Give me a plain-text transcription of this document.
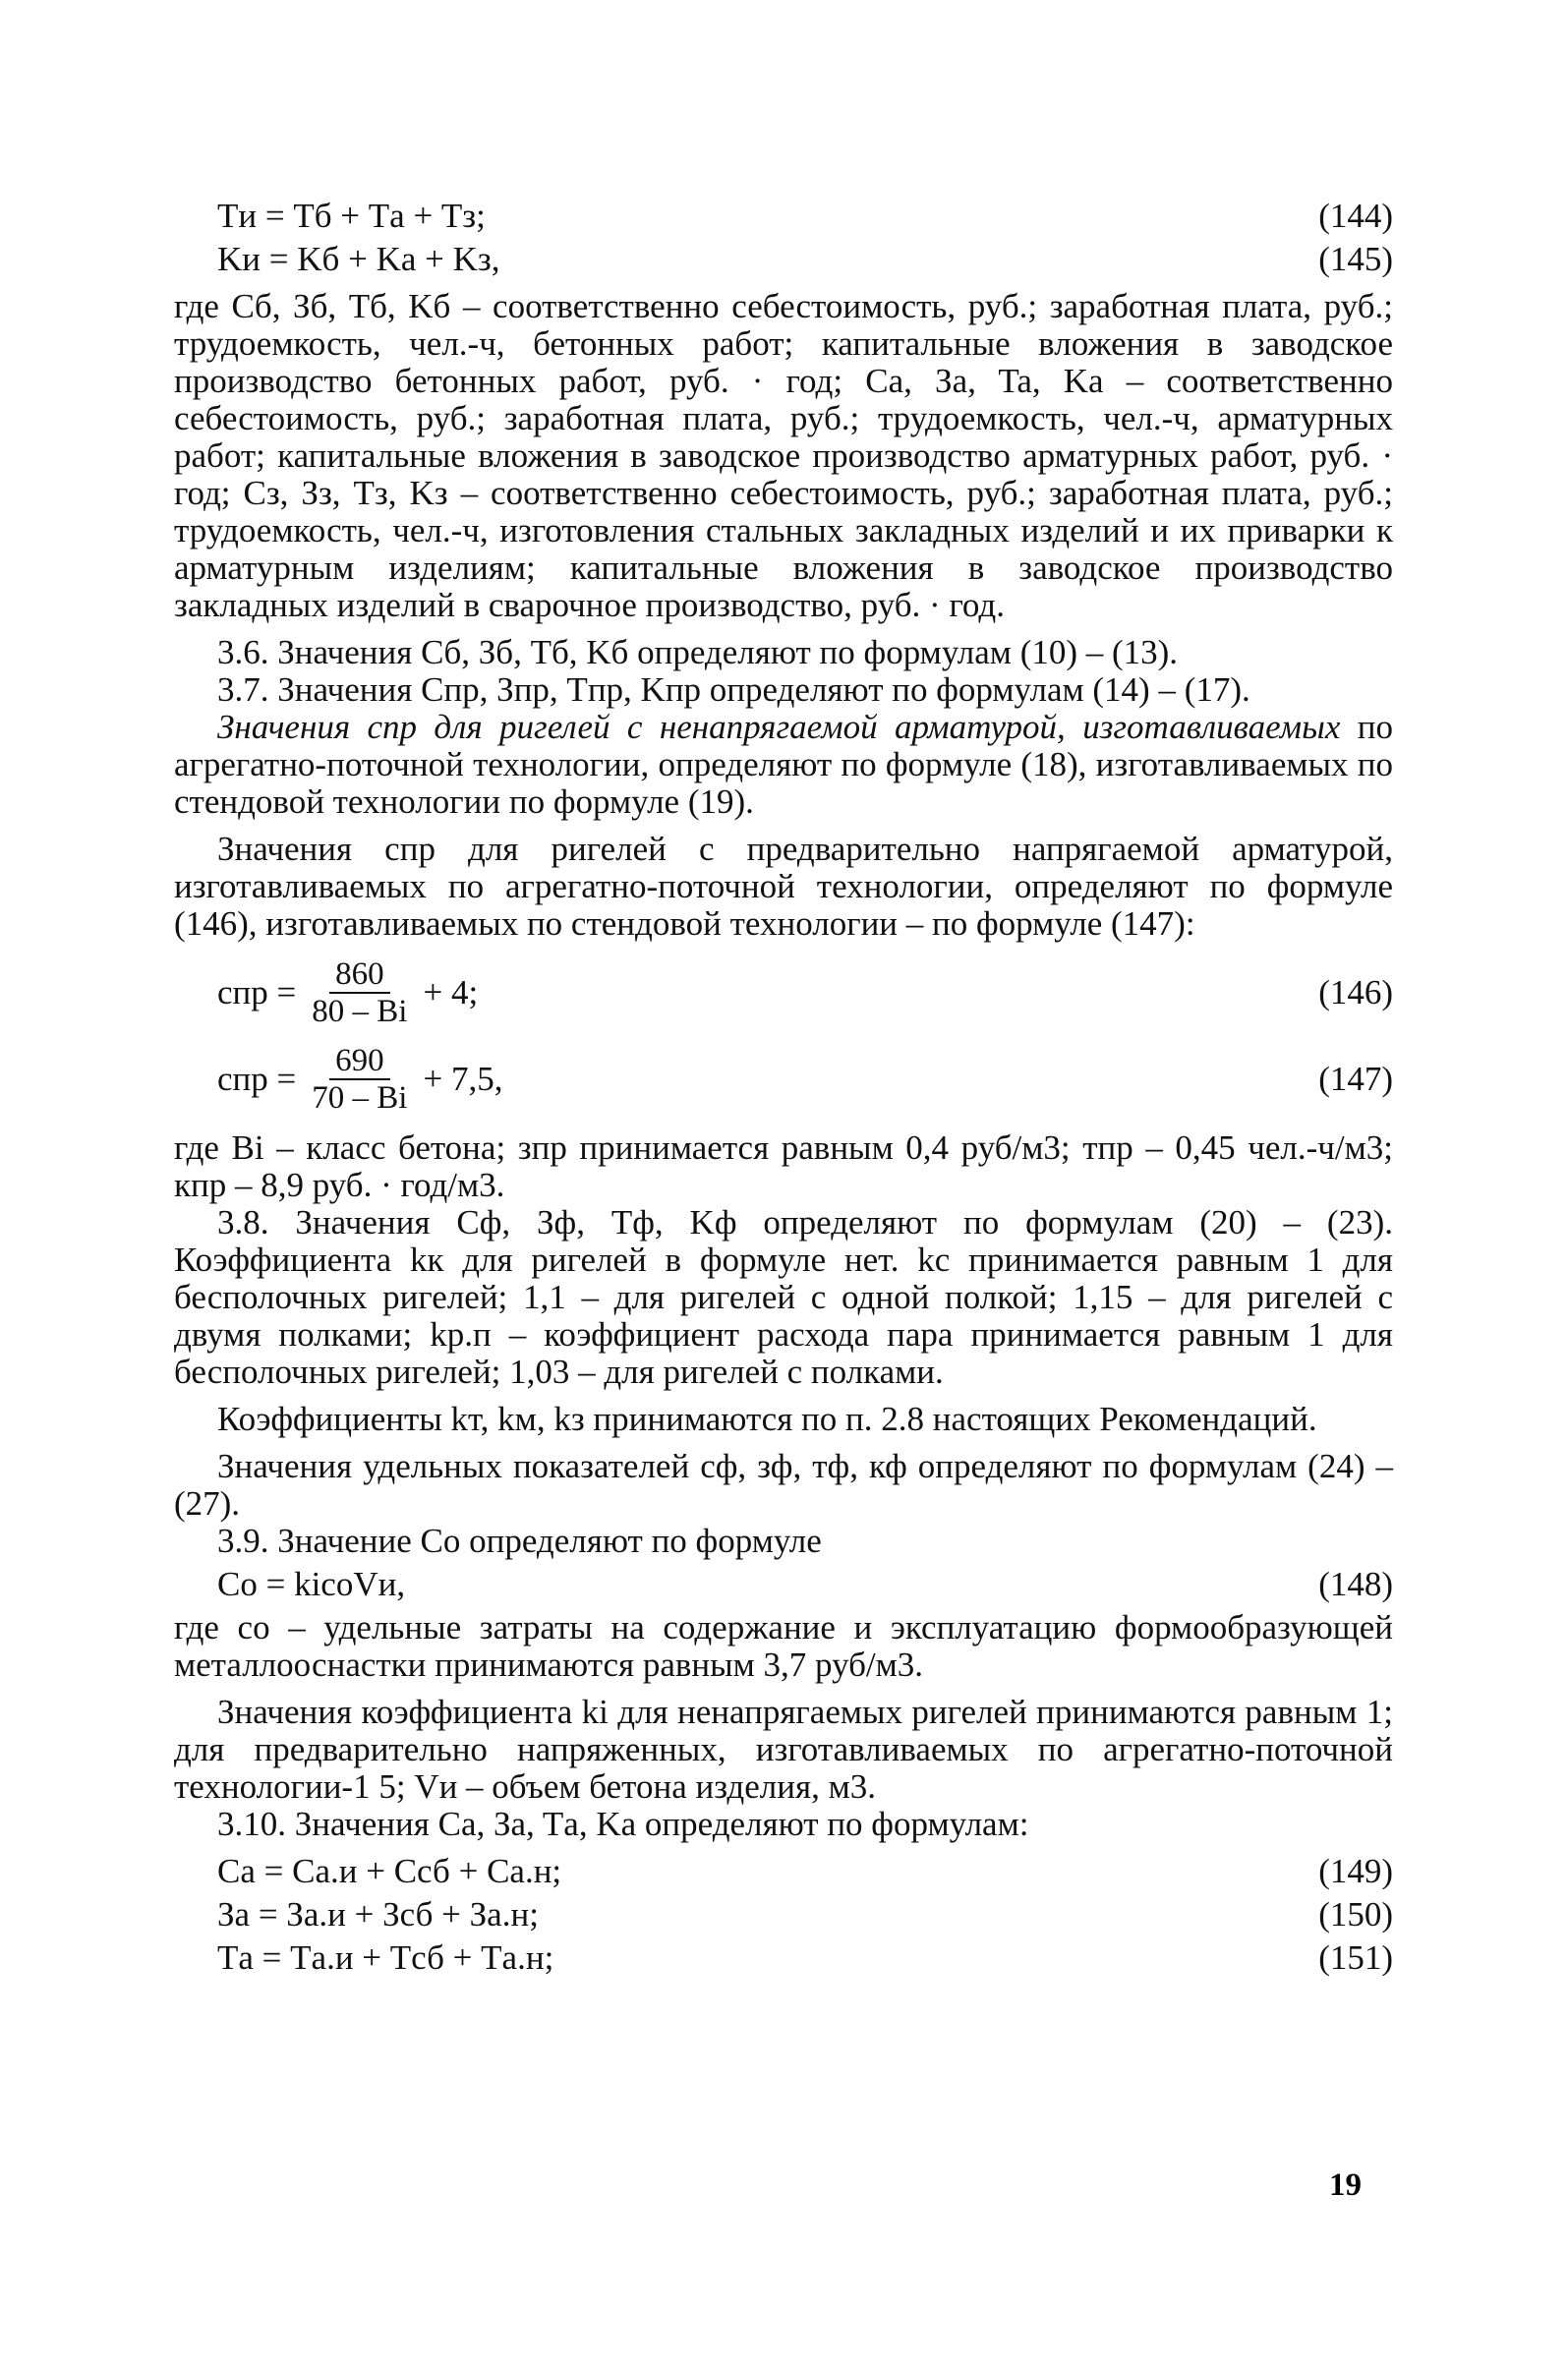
Tи = Tб + Tа + Tз;	(144)
Kи = Kб + Kа + Kз,	(145)

где Cб, Зб, Tб, Kб – соответственно себестоимость, руб.; заработная плата, руб.; трудоемкость, чел.-ч, бетонных работ; капитальные вложения в заводское производство бетонных работ, руб. · год; Cа, Зa, Ta, Kа – соответственно себестоимость, руб.; заработная плата, руб.; трудоемкость, чел.-ч, арматурных работ; капитальные вложения в заводское производство арматурных работ, руб. · год; Cз, Зз, Tз, Kз – соответственно себестоимость, руб.; заработная плата, руб.; трудоемкость, чел.-ч, изготовления стальных закладных изделий и их приварки к арматурным изделиям; капитальные вложения в заводское производство закладных изделий в сварочное производство, руб. · год.

3.6. Значения Cб, Зб, Tб, Kб определяют по формулам (10) – (13).

3.7. Значения Cпр, Зпр, Tпр, Kпр определяют по формулам (14) – (17).

Значения cпр для ригелей с ненапрягаемой арматурой, изготавливаемых по агрегатно-поточной технологии, определяют по формуле (18), изготавливаемых по стендовой технологии по формуле (19).

Значения cпр для ригелей с предварительно напрягаемой арматурой, изготавливаемых по агрегатно-поточной технологии, определяют по формуле (146), изготавливаемых по стендовой технологии – по формуле (147):

cпр = $\frac{860}{80 - Bi} + 4$;	(146)
cпр = $\frac{690}{70 - Bi} + 7,5$,	(147)

где Bi – класс бетона; зпр принимается равным 0,4 руб/м3; тпр – 0,45 чел.-ч/м3; кпр – 8,9 руб. · год/м3.

3.8. Значения Cф, Зф, Tф, Kф определяют по формулам (20) – (23). Коэффициента kк для ригелей в формуле нет. kс принимается равным 1 для бесполочных ригелей; 1,1 – для ригелей с одной полкой; 1,15 – для ригелей с двумя полками; kр.п – коэффициент расхода пара принимается равным 1 для бесполочных ригелей; 1,03 – для ригелей с полками.

Коэффициенты kт, kм, kз принимаются по п. 2.8 настоящих Рекомендаций.

Значения удельных показателей cф, зф, тф, кф определяют по формулам (24) – (27).

3.9. Значение Co определяют по формуле

Co = kicoVи,	(148)

где co – удельные затраты на содержание и эксплуатацию формообразующей металлооснастки принимаются равным 3,7 руб/м3.

Значения коэффициента ki для ненапрягаемых ригелей принимаются равным 1; для предварительно напряженных, изготавливаемых по агрегатно-поточной технологии-1 5; Vи – объем бетона изделия, м3.

3.10. Значения Cа, Зa, Tа, Kа определяют по формулам:

Cа = Cа.и + Cсб + Cа.н;	(149)
За = За.и + Зсб + За.н;	(150)
Tа = Tа.и + Tсб + Tа.н;	(151)
19
